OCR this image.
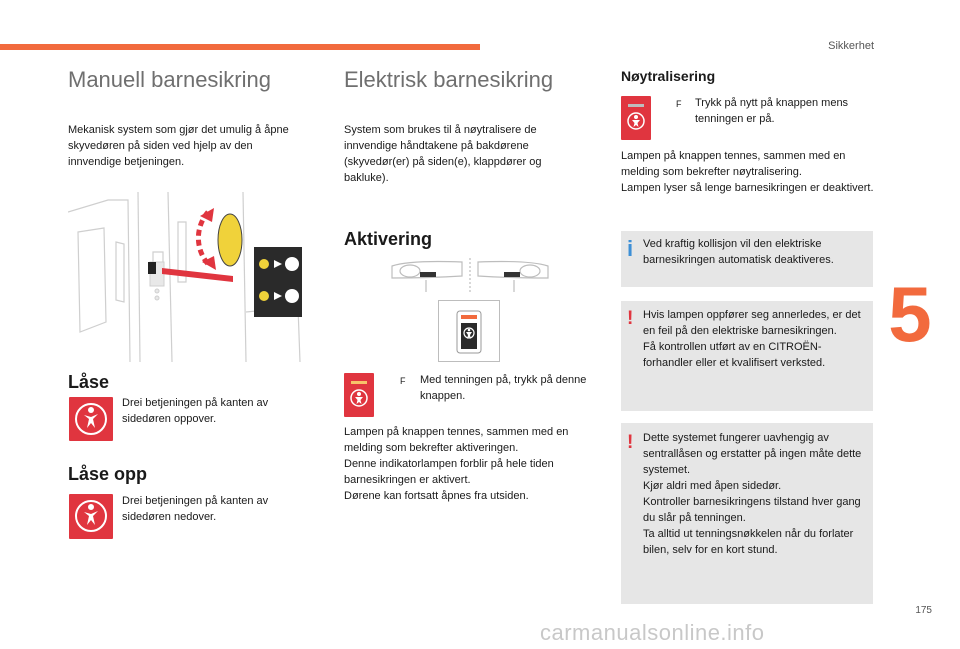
Sikkerhet
5
175
carmanualsonline.info
Manuell barnesikring
Mekanisk system som gjør det umulig å åpne skyvedøren på siden ved hjelp av den innvendige betjeningen.
Låse
Drei betjeningen på kanten av sidedøren oppover.
Låse opp
Drei betjeningen på kanten av sidedøren nedover.
Elektrisk barnesikring
System som brukes til å nøytralisere de innvendige håndtakene på bakdørene (skyvedør(er) på siden(e), klappdører og bakluke).
Aktivering
F Med tenningen på, trykk på denne knappen.
Lampen på knappen tennes, sammen med en melding som bekrefter aktiveringen.
Denne indikatorlampen forblir på hele tiden barnesikringen er aktivert.
Dørene kan fortsatt åpnes fra utsiden.
Nøytralisering
F Trykk på nytt på knappen mens tenningen er på.
Lampen på knappen tennes, sammen med en melding som bekrefter nøytralisering.
Lampen lyser så lenge barnesikringen er deaktivert.
i Ved kraftig kollisjon vil den elektriske barnesikringen automatisk deaktiveres.
! Hvis lampen oppfører seg annerledes, er det en feil på den elektriske barnesikringen.
Få kontrollen utført av en CITROËN-forhandler eller et kvalifisert verksted.
! Dette systemet fungerer uavhengig av sentrallåsen og erstatter på ingen måte dette systemet.
Kjør aldri med åpen sidedør.
Kontroller barnesikringens tilstand hver gang du slår på tenningen.
Ta alltid ut tenningsnøkkelen når du forlater bilen, selv for en kort stund.
